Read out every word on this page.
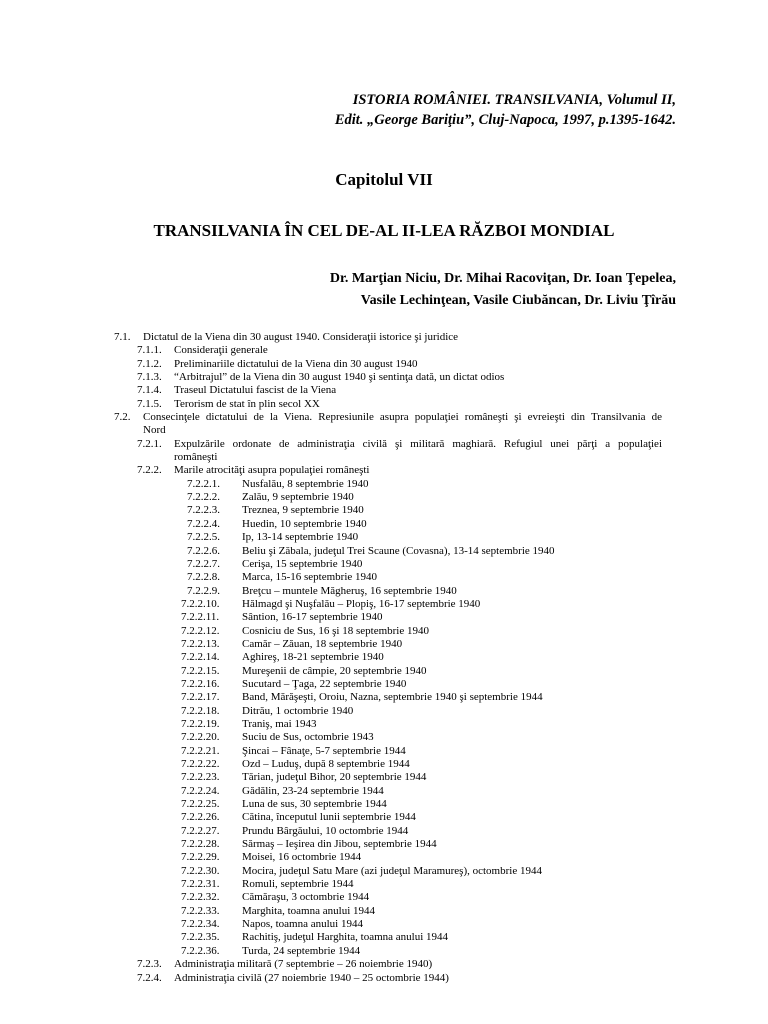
ISTORIA ROMÂNIEI. TRANSILVANIA, Volumul II,
Edit. „George Bariţiu”, Cluj-Napoca, 1997, p.1395-1642.
Capitolul VII
TRANSILVANIA ÎN CEL DE-AL II-LEA RĂZBOI MONDIAL
Dr. Marţian Niciu, Dr. Mihai Racoviţan, Dr. Ioan Ţepelea,
Vasile Lechinţean, Vasile Ciubăncan, Dr. Liviu Ţîrău
7.1. Dictatul de la Viena din 30 august 1940. Consideraţii istorice şi juridice
7.1.1. Consideraţii generale
7.1.2. Preliminariile dictatului de la Viena din 30 august 1940
7.1.3. “Arbitrajul” de la Viena din 30 august 1940 şi sentinţa dată, un dictat odios
7.1.4. Traseul Dictatului fascist de la Viena
7.1.5. Terorism de stat în plin secol XX
7.2. Consecinţele dictatului de la Viena. Represiunile asupra populaţiei româneşti şi evreieşti din Transilvania de
Nord
7.2.1. Expulzările ordonate de administraţia civilă şi militară maghiară. Refugiul unei părţi a populaţiei
româneşti
7.2.2. Marile atrocităţi asupra populaţiei româneşti
7.2.2.1. Nusfalău, 8 septembrie 1940
7.2.2.2. Zalău, 9 septembrie 1940
7.2.2.3. Treznea, 9 septembrie 1940
7.2.2.4. Huedin, 10 septembrie 1940
7.2.2.5. Ip, 13-14 septembrie 1940
7.2.2.6. Beliu şi Zăbala, judeţul Trei Scaune (Covasna), 13-14 septembrie 1940
7.2.2.7. Cerişa, 15 septembrie 1940
7.2.2.8. Marca, 15-16 septembrie 1940
7.2.2.9. Breţcu – muntele Măgheruş, 16 septembrie 1940
7.2.2.10. Hălmagd şi Nuşfalău – Plopiş, 16-17 septembrie 1940
7.2.2.11. Sântion, 16-17 septembrie 1940
7.2.2.12. Cosniciu de Sus, 16 şi 18 septembrie 1940
7.2.2.13. Camăr – Zăuan, 18 septembrie 1940
7.2.2.14. Aghireş, 18-21 septembrie 1940
7.2.2.15. Mureşenii de câmpie, 20 septembrie 1940
7.2.2.16. Sucutard – Ţaga, 22 septembrie 1940
7.2.2.17. Band, Mărăşeşti, Oroiu, Nazna, septembrie 1940 şi septembrie 1944
7.2.2.18. Ditrău, 1 octombrie 1940
7.2.2.19. Traniş, mai 1943
7.2.2.20. Suciu de Sus, octombrie 1943
7.2.2.21. Şincai – Fânaţe, 5-7 septembrie 1944
7.2.2.22. Ozd – Luduş, după 8 septembrie 1944
7.2.2.23. Tărian, judeţul Bihor, 20 septembrie 1944
7.2.2.24. Gădălin, 23-24 septembrie 1944
7.2.2.25. Luna de sus, 30 septembrie 1944
7.2.2.26. Cătina, începutul lunii septembrie 1944
7.2.2.27. Prundu Bârgăului, 10 octombrie 1944
7.2.2.28. Sărmaş – Ieşirea din Jibou, septembrie 1944
7.2.2.29. Moisei, 16 octombrie 1944
7.2.2.30. Mocira, judeţul Satu Mare (azi judeţul Maramureş), octombrie 1944
7.2.2.31. Romuli, septembrie 1944
7.2.2.32. Cămăraşu, 3 octombrie 1944
7.2.2.33. Marghita, toamna anului 1944
7.2.2.34. Napos, toamna anului 1944
7.2.2.35. Rachitiş, judeţul Harghita, toamna anului 1944
7.2.2.36. Turda, 24 septembrie 1944
7.2.3. Administraţia militară (7 septembrie – 26 noiembrie 1940)
7.2.4. Administraţia civilă (27 noiembrie 1940 – 25 octombrie 1944)
